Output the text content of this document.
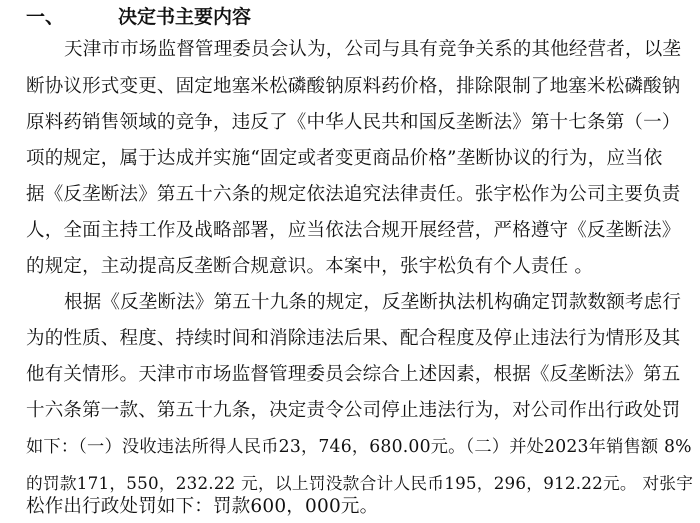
一、	决定书主要内容
天津市市场监督管理委员会认为，公司与具有竞争关系的其他经营者，以垄
断协议形式变更、固定地塞米松磷酸钠原料药价格，排除限制了地塞米松磷酸钠
原料药销售领域的竞争，违反了《中华人民共和国反垄断法》第十七条第（一）
项的规定，属于达成并实施“固定或者变更商品价格”垄断协议的行为，应当依
据《反垄断法》第五十六条的规定依法追究法律责任。张宇松作为公司主要负责
人，全面主持工作及战略部署，应当依法合规开展经营，严格遵守《反垄断法》
的规定，主动提高反垄断合规意识。本案中，张宇松负有个人责任 。
根据《反垄断法》第五十九条的规定，反垄断执法机构确定罚款数额考虑行
为的性质、程度、持续时间和消除违法后果、配合程度及停止违法行为情形及其
他有关情形。天津市市场监督管理委员会综合上述因素，根据《反垄断法》第五
十六条第一款、第五十九条，决定责令公司停止违法行为，对公司作出行政处罚
如下：（一）没收违法所得人民币23，746，680.00元。（二）并处2023年销售额 8%
的罚款171，550，232.22 元，以上罚没款合计人民币195，296，912.22元。 对张宇
松作出行政处罚如下：罚款600，000元。
